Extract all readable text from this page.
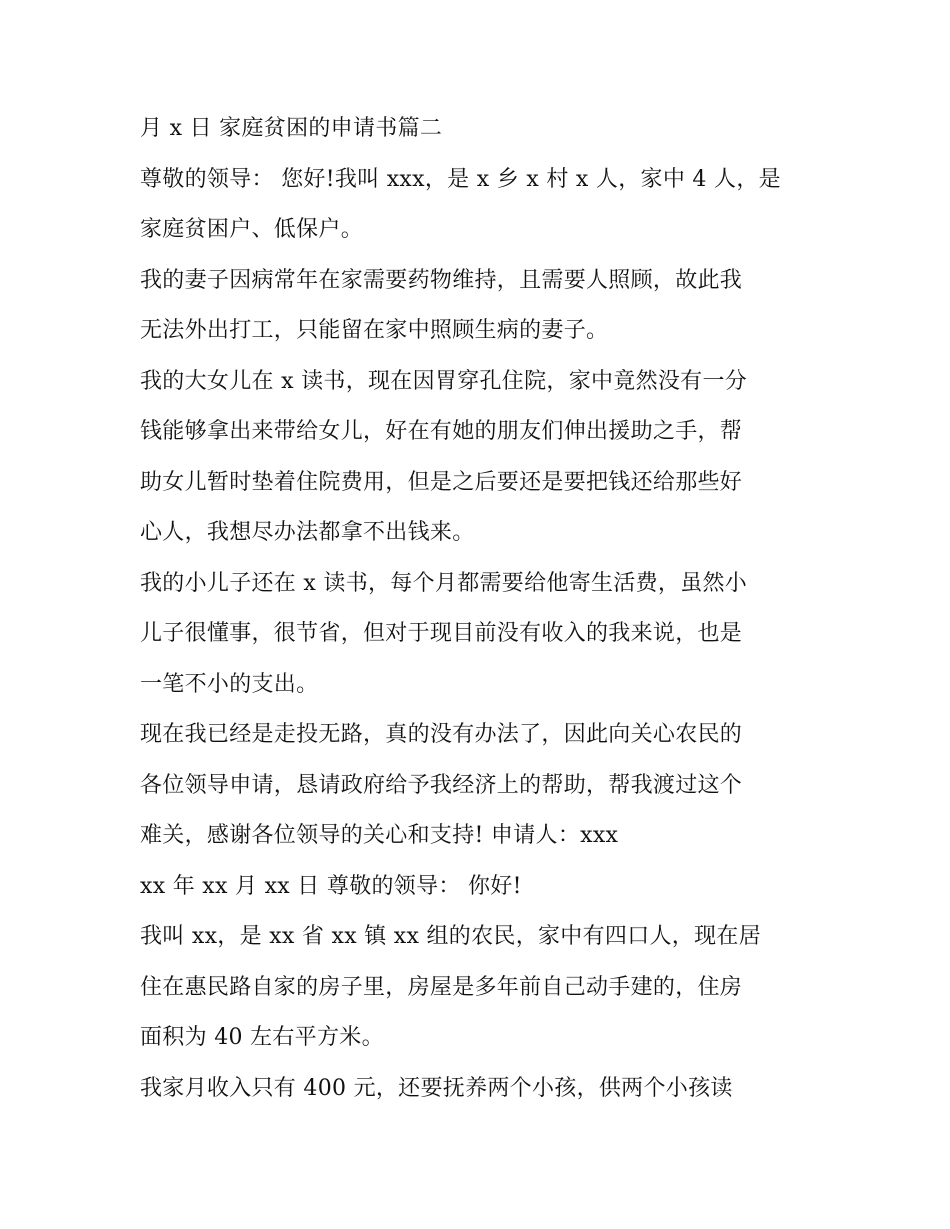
月 x 日 家庭贫困的申请书篇二
尊敬的领导： 您好!我叫 xxx，是 x 乡 x 村 x 人，家中 4 人，是
家庭贫困户、低保户。
我的妻子因病常年在家需要药物维持，且需要人照顾，故此我
无法外出打工，只能留在家中照顾生病的妻子。
我的大女儿在 x 读书，现在因胃穿孔住院，家中竟然没有一分
钱能够拿出来带给女儿，好在有她的朋友们伸出援助之手，帮
助女儿暂时垫着住院费用，但是之后要还是要把钱还给那些好
心人，我想尽办法都拿不出钱来。
我的小儿子还在 x 读书，每个月都需要给他寄生活费，虽然小
儿子很懂事，很节省，但对于现目前没有收入的我来说，也是
一笔不小的支出。
现在我已经是走投无路，真的没有办法了，因此向关心农民的
各位领导申请，恳请政府给予我经济上的帮助，帮我渡过这个
难关，感谢各位领导的关心和支持! 申请人：xxx
xx 年 xx 月 xx 日 尊敬的领导： 你好!
我叫 xx，是 xx 省 xx 镇 xx 组的农民，家中有四口人，现在居
住在惠民路自家的房子里，房屋是多年前自己动手建的，住房
面积为 40 左右平方米。
我家月收入只有 400 元，还要抚养两个小孩，供两个小孩读
